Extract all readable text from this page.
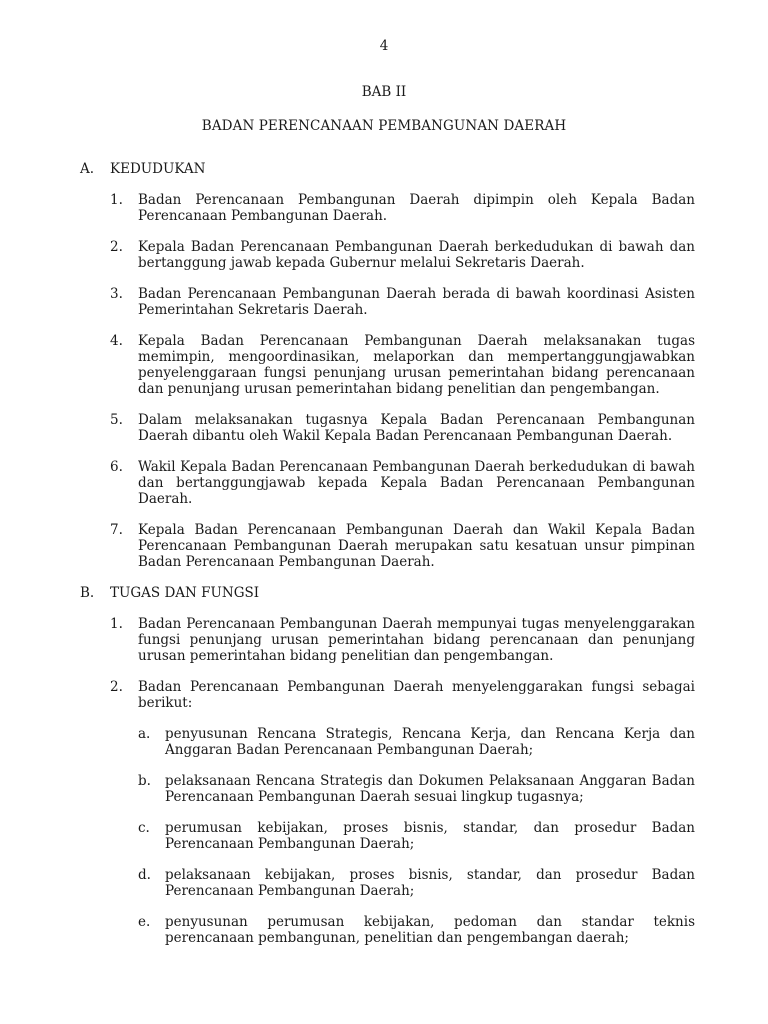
4
BAB II
BADAN PERENCANAAN PEMBANGUNAN DAERAH
A.	KEDUDUKAN
1.	Badan Perencanaan Pembangunan Daerah dipimpin oleh Kepala Badan Perencanaan Pembangunan Daerah.
2.	Kepala Badan Perencanaan Pembangunan Daerah berkedudukan di bawah dan bertanggung jawab kepada Gubernur melalui Sekretaris Daerah.
3.	Badan Perencanaan Pembangunan Daerah berada di bawah koordinasi Asisten Pemerintahan Sekretaris Daerah.
4.	Kepala Badan Perencanaan Pembangunan Daerah melaksanakan tugas memimpin, mengoordinasikan, melaporkan dan mempertanggungjawabkan penyelenggaraan fungsi penunjang urusan pemerintahan bidang perencanaan dan penunjang urusan pemerintahan bidang penelitian dan pengembangan.
5.	Dalam melaksanakan tugasnya Kepala Badan Perencanaan Pembangunan Daerah dibantu oleh Wakil Kepala Badan Perencanaan Pembangunan Daerah.
6.	Wakil Kepala Badan Perencanaan Pembangunan Daerah berkedudukan di bawah dan bertanggungjawab kepada Kepala Badan Perencanaan Pembangunan Daerah.
7.	Kepala Badan Perencanaan Pembangunan Daerah dan Wakil Kepala Badan Perencanaan Pembangunan Daerah merupakan satu kesatuan unsur pimpinan Badan Perencanaan Pembangunan Daerah.
B.	TUGAS DAN FUNGSI
1.	Badan Perencanaan Pembangunan Daerah mempunyai tugas menyelenggarakan fungsi penunjang urusan pemerintahan bidang perencanaan dan penunjang urusan pemerintahan bidang penelitian dan pengembangan.
2.	Badan Perencanaan Pembangunan Daerah menyelenggarakan fungsi sebagai berikut:
a.	penyusunan Rencana Strategis, Rencana Kerja, dan Rencana Kerja dan Anggaran Badan Perencanaan Pembangunan Daerah;
b.	pelaksanaan Rencana Strategis dan Dokumen Pelaksanaan Anggaran Badan Perencanaan Pembangunan Daerah sesuai lingkup tugasnya;
c.	perumusan kebijakan, proses bisnis, standar, dan prosedur Badan Perencanaan Pembangunan Daerah;
d.	pelaksanaan kebijakan, proses bisnis, standar, dan prosedur Badan Perencanaan Pembangunan Daerah;
e.	penyusunan perumusan kebijakan, pedoman dan standar teknis perencanaan pembangunan, penelitian dan pengembangan daerah;
